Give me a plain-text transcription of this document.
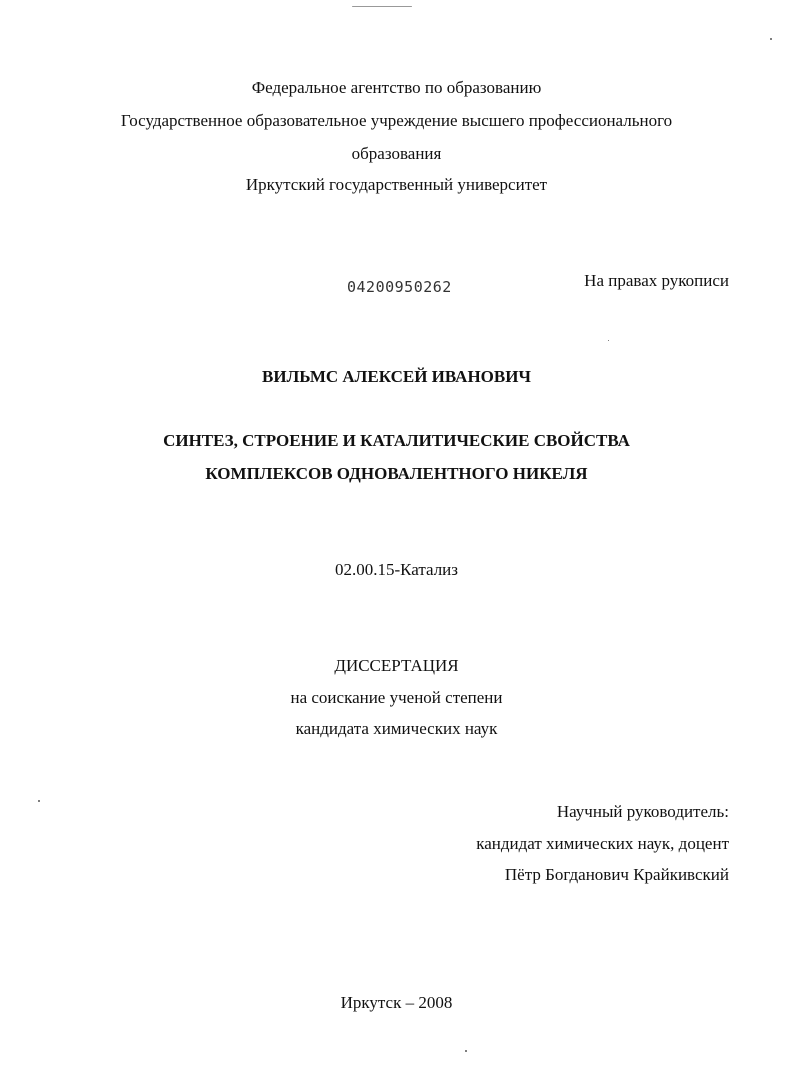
Федеральное агентство по образованию
Государственное образовательное учреждение высшего профессионального
образования
Иркутский государственный университет
04200950262	На правах рукописи
ВИЛЬМС АЛЕКСЕЙ ИВАНОВИЧ
СИНТЕЗ, СТРОЕНИЕ И КАТАЛИТИЧЕСКИЕ СВОЙСТВА
КОМПЛЕКСОВ ОДНОВАЛЕНТНОГО НИКЕЛЯ
02.00.15-Катализ
ДИССЕРТАЦИЯ
на соискание ученой степени
кандидата химических наук
Научный руководитель:
кандидат химических наук, доцент
Пётр Богданович Крайкивский
Иркутск – 2008
